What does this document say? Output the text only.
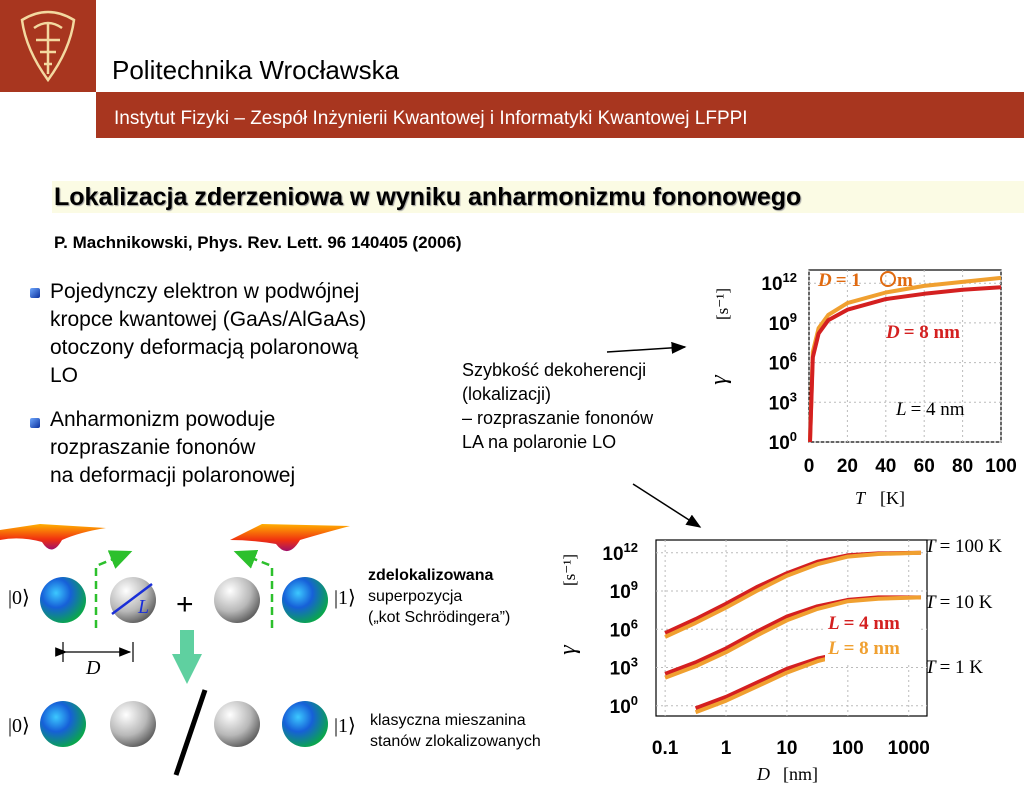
Politechnika Wrocławska
Instytut Fizyki – Zespół Inżynierii Kwantowej i Informatyki Kwantowej LFPPI
Lokalizacja zderzeniowa w wyniku anharmonizmu fononowego
P. Machnikowski, Phys. Rev. Lett. 96 140405 (2006)
Pojedynczy elektron w podwójnej
kropce kwantowej (GaAs/AlGaAs)
otoczony deformacją polaronową
LO
Anharmonizm powoduje
rozpraszanie fononów
na deformacji polaronowej
Szybkość dekoherencji
(lokalizacji)
– rozpraszanie fononów
LA na polaronie LO
|0⟩	|1⟩
|0⟩	|1⟩
L
D
+
zdelokalizowana
superpozycja
(„kot Schrödingera”)
klasyczna mieszanina
stanów zlokalizowanych
$10^0$
$10^3$
$10^6$
$10^9$
$10^{12}$
0 20 40 60 80 100
[s⁻¹]
γ
T [K]
D = 1 m
D = 8 nm
L = 4 nm
$10^0$
$10^3$
$10^6$
$10^9$
$10^{12}$
0.1 1 10 100 1000
[s⁻¹]
γ
D [nm]
T = 100 K
T = 10 K
T = 1 K
L = 4 nm
L = 8 nm
